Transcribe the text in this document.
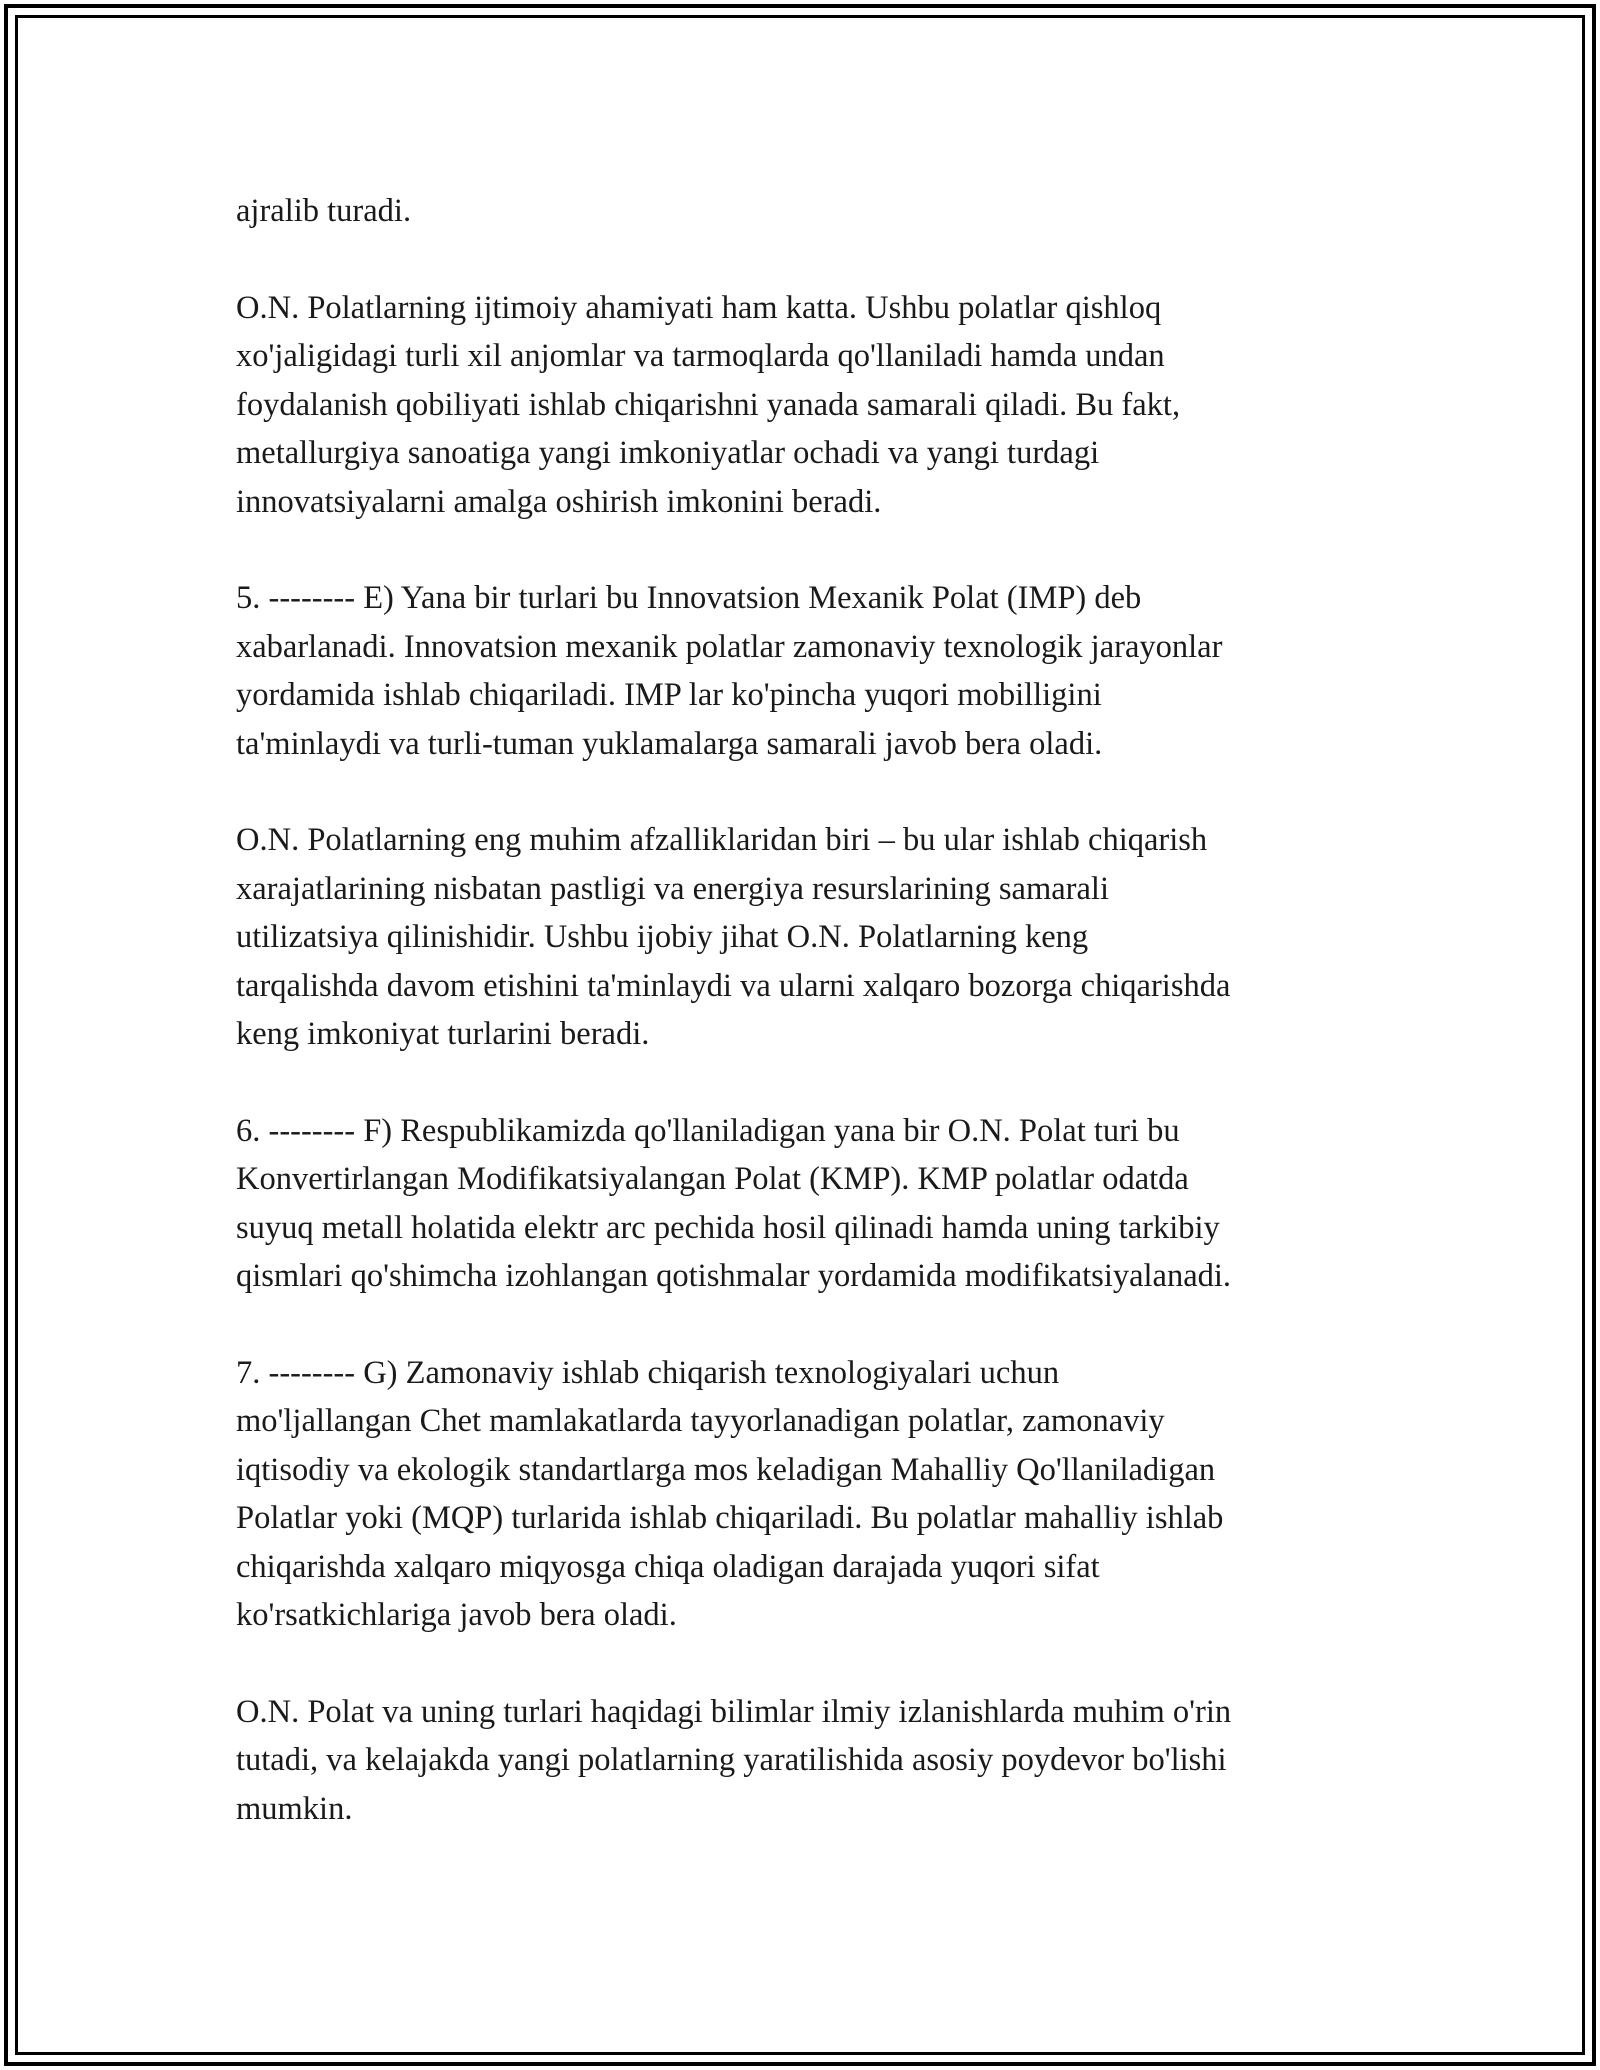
ajralib turadi.

O.N. Polatlarning ijtimoiy ahamiyati ham katta. Ushbu polatlar qishloq
xo'jaligidagi turli xil anjomlar va tarmoqlarda qo'llaniladi hamda undan
foydalanish qobiliyati ishlab chiqarishni yanada samarali qiladi. Bu fakt,
metallurgiya sanoatiga yangi imkoniyatlar ochadi va yangi turdagi
innovatsiyalarni amalga oshirish imkonini beradi.

5. -------- E) Yana bir turlari bu Innovatsion Mexanik Polat (IMP) deb
xabarlanadi. Innovatsion mexanik polatlar zamonaviy texnologik jarayonlar
yordamida ishlab chiqariladi. IMP lar ko'pincha yuqori mobilligini
ta'minlaydi va turli-tuman yuklamalarga samarali javob bera oladi.

O.N. Polatlarning eng muhim afzalliklaridan biri – bu ular ishlab chiqarish
xarajatlarining nisbatan pastligi va energiya resurslarining samarali
utilizatsiya qilinishidir. Ushbu ijobiy jihat O.N. Polatlarning keng
tarqalishda davom etishini ta'minlaydi va ularni xalqaro bozorga chiqarishda
keng imkoniyat turlarini beradi.

6. -------- F) Respublikamizda qo'llaniladigan yana bir O.N. Polat turi bu
Konvertirlangan Modifikatsiyalangan Polat (KMP). KMP polatlar odatda
suyuq metall holatida elektr arc pechida hosil qilinadi hamda uning tarkibiy
qismlari qo'shimcha izohlangan qotishmalar yordamida modifikatsiyalanadi.

7. -------- G) Zamonaviy ishlab chiqarish texnologiyalari uchun
mo'ljallangan Chet mamlakatlarda tayyorlanadigan polatlar, zamonaviy
iqtisodiy va ekologik standartlarga mos keladigan Mahalliy Qo'llaniladigan
Polatlar yoki (MQP) turlarida ishlab chiqariladi. Bu polatlar mahalliy ishlab
chiqarishda xalqaro miqyosga chiqa oladigan darajada yuqori sifat
ko'rsatkichlariga javob bera oladi.

O.N. Polat va uning turlari haqidagi bilimlar ilmiy izlanishlarda muhim o'rin
tutadi, va kelajakda yangi polatlarning yaratilishida asosiy poydevor bo'lishi
mumkin.
